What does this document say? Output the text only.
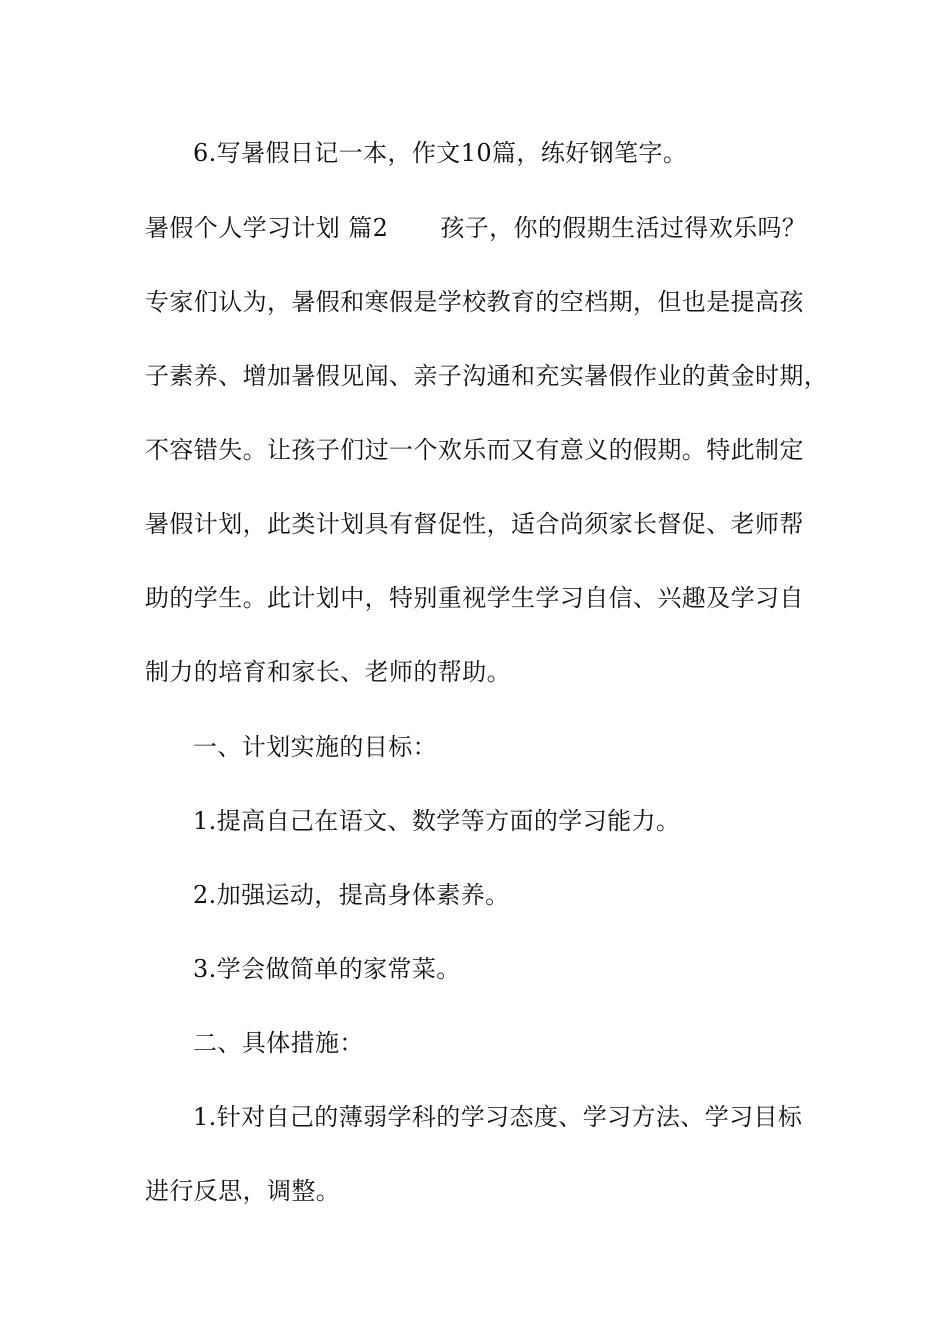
6.写暑假日记一本，作文10篇，练好钢笔字。
暑假个人学习计划 篇2 孩子，你的假期生活过得欢乐吗？
专家们认为，暑假和寒假是学校教育的空档期，但也是提高孩
子素养、增加暑假见闻、亲子沟通和充实暑假作业的黄金时期，
不容错失。让孩子们过一个欢乐而又有意义的假期。特此制定
暑假计划，此类计划具有督促性，适合尚须家长督促、老师帮
助的学生。此计划中，特别重视学生学习自信、兴趣及学习自
制力的培育和家长、老师的帮助。
一、计划实施的目标：
1.提高自己在语文、数学等方面的学习能力。
2.加强运动，提高身体素养。
3.学会做简单的家常菜。
二、具体措施：
1.针对自己的薄弱学科的学习态度、学习方法、学习目标
进行反思，调整。
